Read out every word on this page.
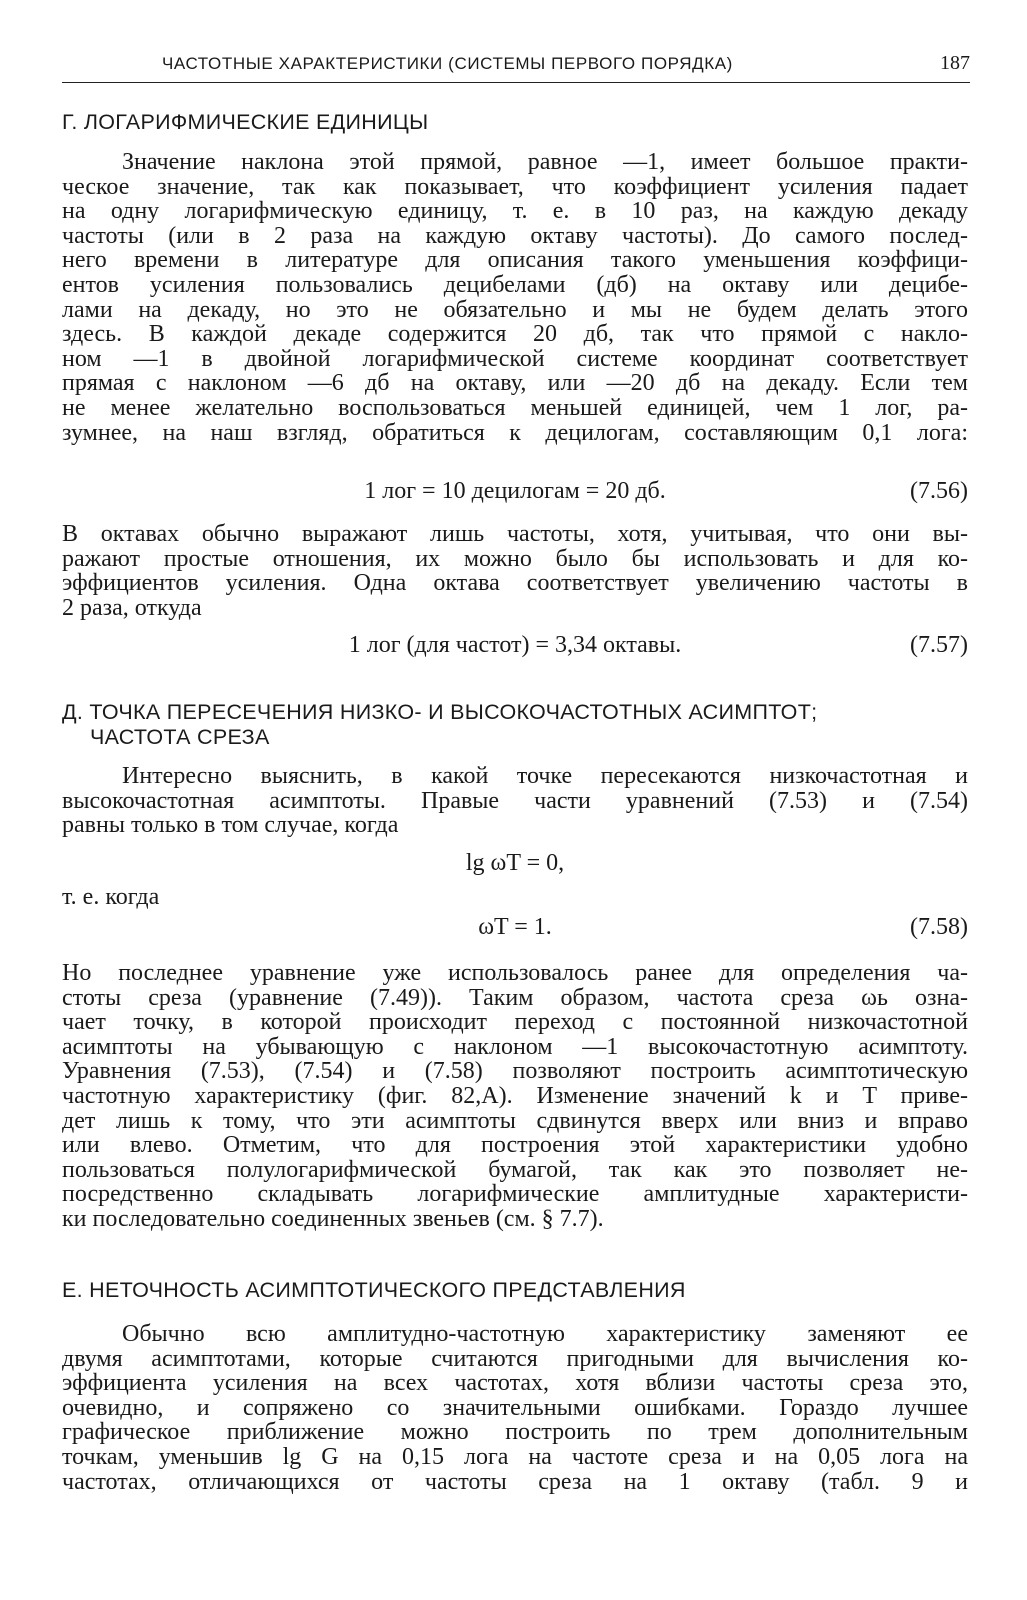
ЧАСТОТНЫЕ ХАРАКТЕРИСТИКИ (СИСТЕМЫ ПЕРВОГО ПОРЯДКА)	187
Г. ЛОГАРИФМИЧЕСКИЕ ЕДИНИЦЫ
Значение наклона этой прямой, равное —1, имеет большое практи-
ческое значение, так как показывает, что коэффициент усиления падает
на одну логарифмическую единицу, т. е. в 10 раз, на каждую декаду
частоты (или в 2 раза на каждую октаву частоты). До самого послед-
него времени в литературе для описания такого уменьшения коэффици-
ентов усиления пользовались децибелами (дб) на октаву или децибе-
лами на декаду, но это не обязательно и мы не будем делать этого
здесь. В каждой декаде содержится 20 дб, так что прямой с накло-
ном —1 в двойной логарифмической системе координат соответствует
прямая с наклоном —6 дб на октаву, или —20 дб на декаду. Если тем
не менее желательно воспользоваться меньшей единицей, чем 1 лог, ра-
зумнее, на наш взгляд, обратиться к децилогам, составляющим 0,1 лога:
1 лог = 10 децилогам = 20 дб.	(7.56)
В октавах обычно выражают лишь частоты, хотя, учитывая, что они вы-
ражают простые отношения, их можно было бы использовать и для ко-
эффициентов усиления. Одна октава соответствует увеличению частоты в
2 раза, откуда
1 лог (для частот) = 3,34 октавы.	(7.57)
Д. ТОЧКА ПЕРЕСЕЧЕНИЯ НИЗКО- И ВЫСОКОЧАСТОТНЫХ АСИМПТОТ;
ЧАСТОТА СРЕЗА
Интересно выяснить, в какой точке пересекаются низкочастотная и
высокочастотная асимптоты. Правые части уравнений (7.53) и (7.54)
равны только в том случае, когда
lg ωT = 0,
т. е. когда
ωT = 1.	(7.58)
Но последнее уравнение уже использовалось ранее для определения ча-
стоты среза (уравнение (7.49)). Таким образом, частота среза ωь озна-
чает точку, в которой происходит переход с постоянной низкочастотной
асимптоты на убывающую с наклоном —1 высокочастотную асимптоту.
Уравнения (7.53), (7.54) и (7.58) позволяют построить асимптотическую
частотную характеристику (фиг. 82,А). Изменение значений k и T приве-
дет лишь к тому, что эти асимптоты сдвинутся вверх или вниз и вправо
или влево. Отметим, что для построения этой характеристики удобно
пользоваться полулогарифмической бумагой, так как это позволяет не-
посредственно складывать логарифмические амплитудные характеристи-
ки последовательно соединенных звеньев (см. § 7.7).
Е. НЕТОЧНОСТЬ АСИМПТОТИЧЕСКОГО ПРЕДСТАВЛЕНИЯ
Обычно всю амплитудно-частотную характеристику заменяют ее
двумя асимптотами, которые считаются пригодными для вычисления ко-
эффициента усиления на всех частотах, хотя вблизи частоты среза это,
очевидно, и сопряжено со значительными ошибками. Гораздо лучшее
графическое приближение можно построить по трем дополнительным
точкам, уменьшив lg G на 0,15 лога на частоте среза и на 0,05 лога на
частотах, отличающихся от частоты среза на 1 октаву (табл. 9 и
